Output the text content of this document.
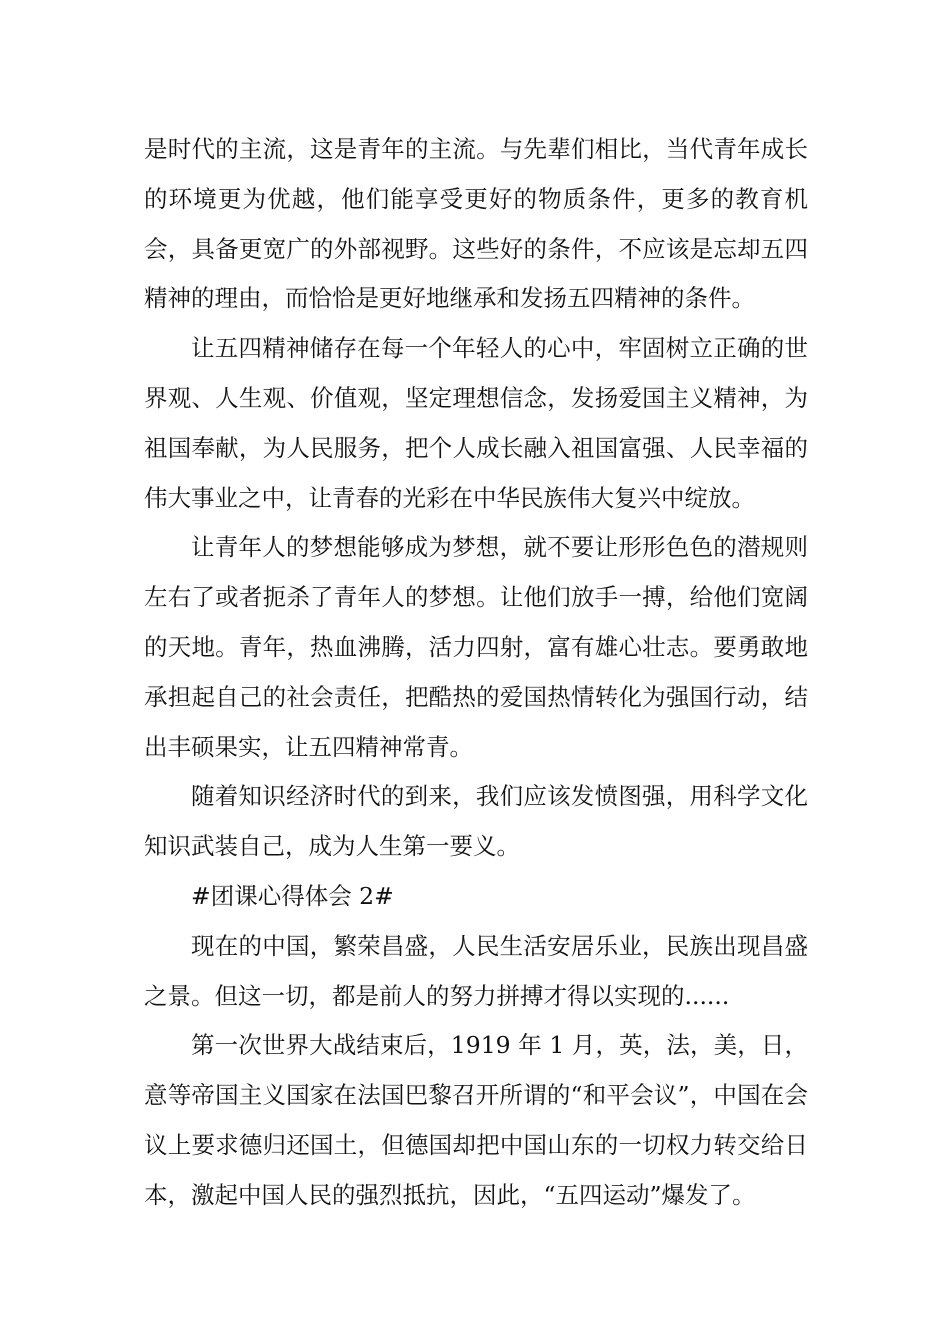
是时代的主流，这是青年的主流。与先辈们相比，当代青年成长的环境更为优越，他们能享受更好的物质条件，更多的教育机会，具备更宽广的外部视野。这些好的条件，不应该是忘却五四精神的理由，而恰恰是更好地继承和发扬五四精神的条件。

让五四精神储存在每一个年轻人的心中，牢固树立正确的世界观、人生观、价值观，坚定理想信念，发扬爱国主义精神，为祖国奉献，为人民服务，把个人成长融入祖国富强、人民幸福的伟大事业之中，让青春的光彩在中华民族伟大复兴中绽放。

让青年人的梦想能够成为梦想，就不要让形形色色的潜规则左右了或者扼杀了青年人的梦想。让他们放手一搏，给他们宽阔的天地。青年，热血沸腾，活力四射，富有雄心壮志。要勇敢地承担起自己的社会责任，把酷热的爱国热情转化为强国行动，结出丰硕果实，让五四精神常青。

随着知识经济时代的到来，我们应该发愤图强，用科学文化知识武装自己，成为人生第一要义。

#团课心得体会 2#

现在的中国，繁荣昌盛，人民生活安居乐业，民族出现昌盛之景。但这一切，都是前人的努力拼搏才得以实现的......

第一次世界大战结束后，1919 年 1 月，英，法，美，日，意等帝国主义国家在法国巴黎召开所谓的“和平会议”，中国在会议上要求德归还国土，但德国却把中国山东的一切权力转交给日本，激起中国人民的强烈抵抗，因此，“五四运动”爆发了。
